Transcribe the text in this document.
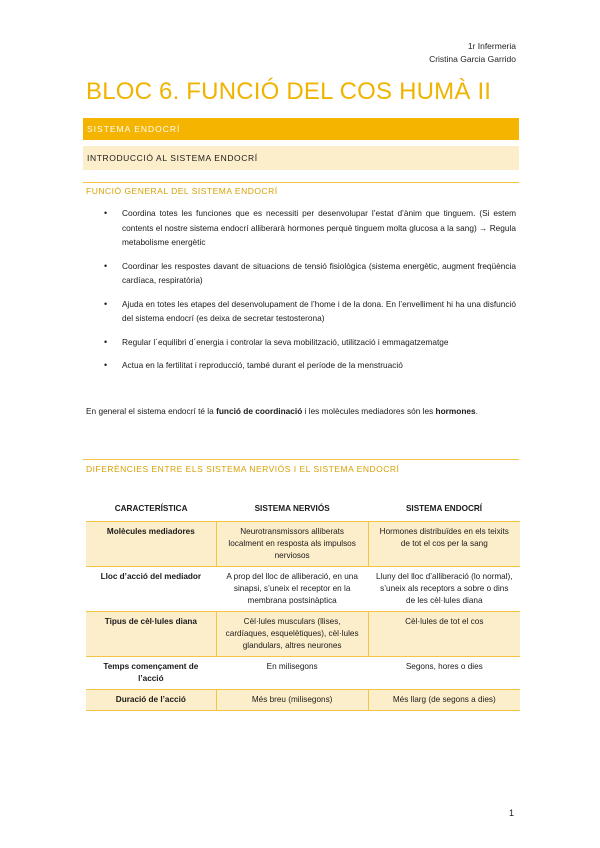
1r Infermeria
Cristina Garcia Garrido
BLOC 6. FUNCIÓ DEL COS HUMÀ II
SISTEMA ENDOCRÍ
INTRODUCCIÓ AL SISTEMA ENDOCRÍ
FUNCIÓ GENERAL DEL SISTEMA ENDOCRÍ
• Coordina totes les funciones que es necessiti per desenvolupar l’estat d’ànim que tinguem. (Si estem contents el nostre sistema endocrí alliberarà hormones perquè tinguem molta glucosa a la sang) → Regula metabolisme energètic
• Coordinar les respostes davant de situacions de tensió fisiològica (sistema energètic, augment freqüència cardíaca, respiratòria)
• Ajuda en totes les etapes del desenvolupament de l’home i de la dona. En l’envelliment hi ha una disfunció del sistema endocrí (es deixa de secretar testosterona)
• Regular l´equilibri d´energia i controlar la seva mobilització, utilització i emmagatzematge
• Actua en la fertilitat i reproducció, també durant el període de la menstruació
En general el sistema endocrí té la funció de coordinació i les molècules mediadores són les hormones.
DIFERÈNCIES ENTRE ELS SISTEMA NERVIÓS I EL SISTEMA ENDOCRÍ
CARACTERÍSTICA	SISTEMA NERVIÓS	SISTEMA ENDOCRÍ
Molècules mediadores	Neurotransmissors alliberats localment en resposta als impulsos nerviosos	Hormones distribuïdes en els teixits de tot el cos per la sang
Lloc d’acció del mediador	A prop del lloc de alliberació, en una sinapsi, s’uneix el receptor en la membrana postsinàptica	Lluny del lloc d’alliberació (lo normal), s’uneix als receptors a sobre o dins de les cèl·lules diana
Tipus de cèl·lules diana	Cèl·lules musculars (llises, cardíaques, esquelètiques), cèl·lules glandulars, altres neurones	Cèl·lules de tot el cos
Temps començament de l’acció	En milisegons	Segons, hores o dies
Duració de l’acció	Més breu (milisegons)	Més llarg (de segons a dies)
1
